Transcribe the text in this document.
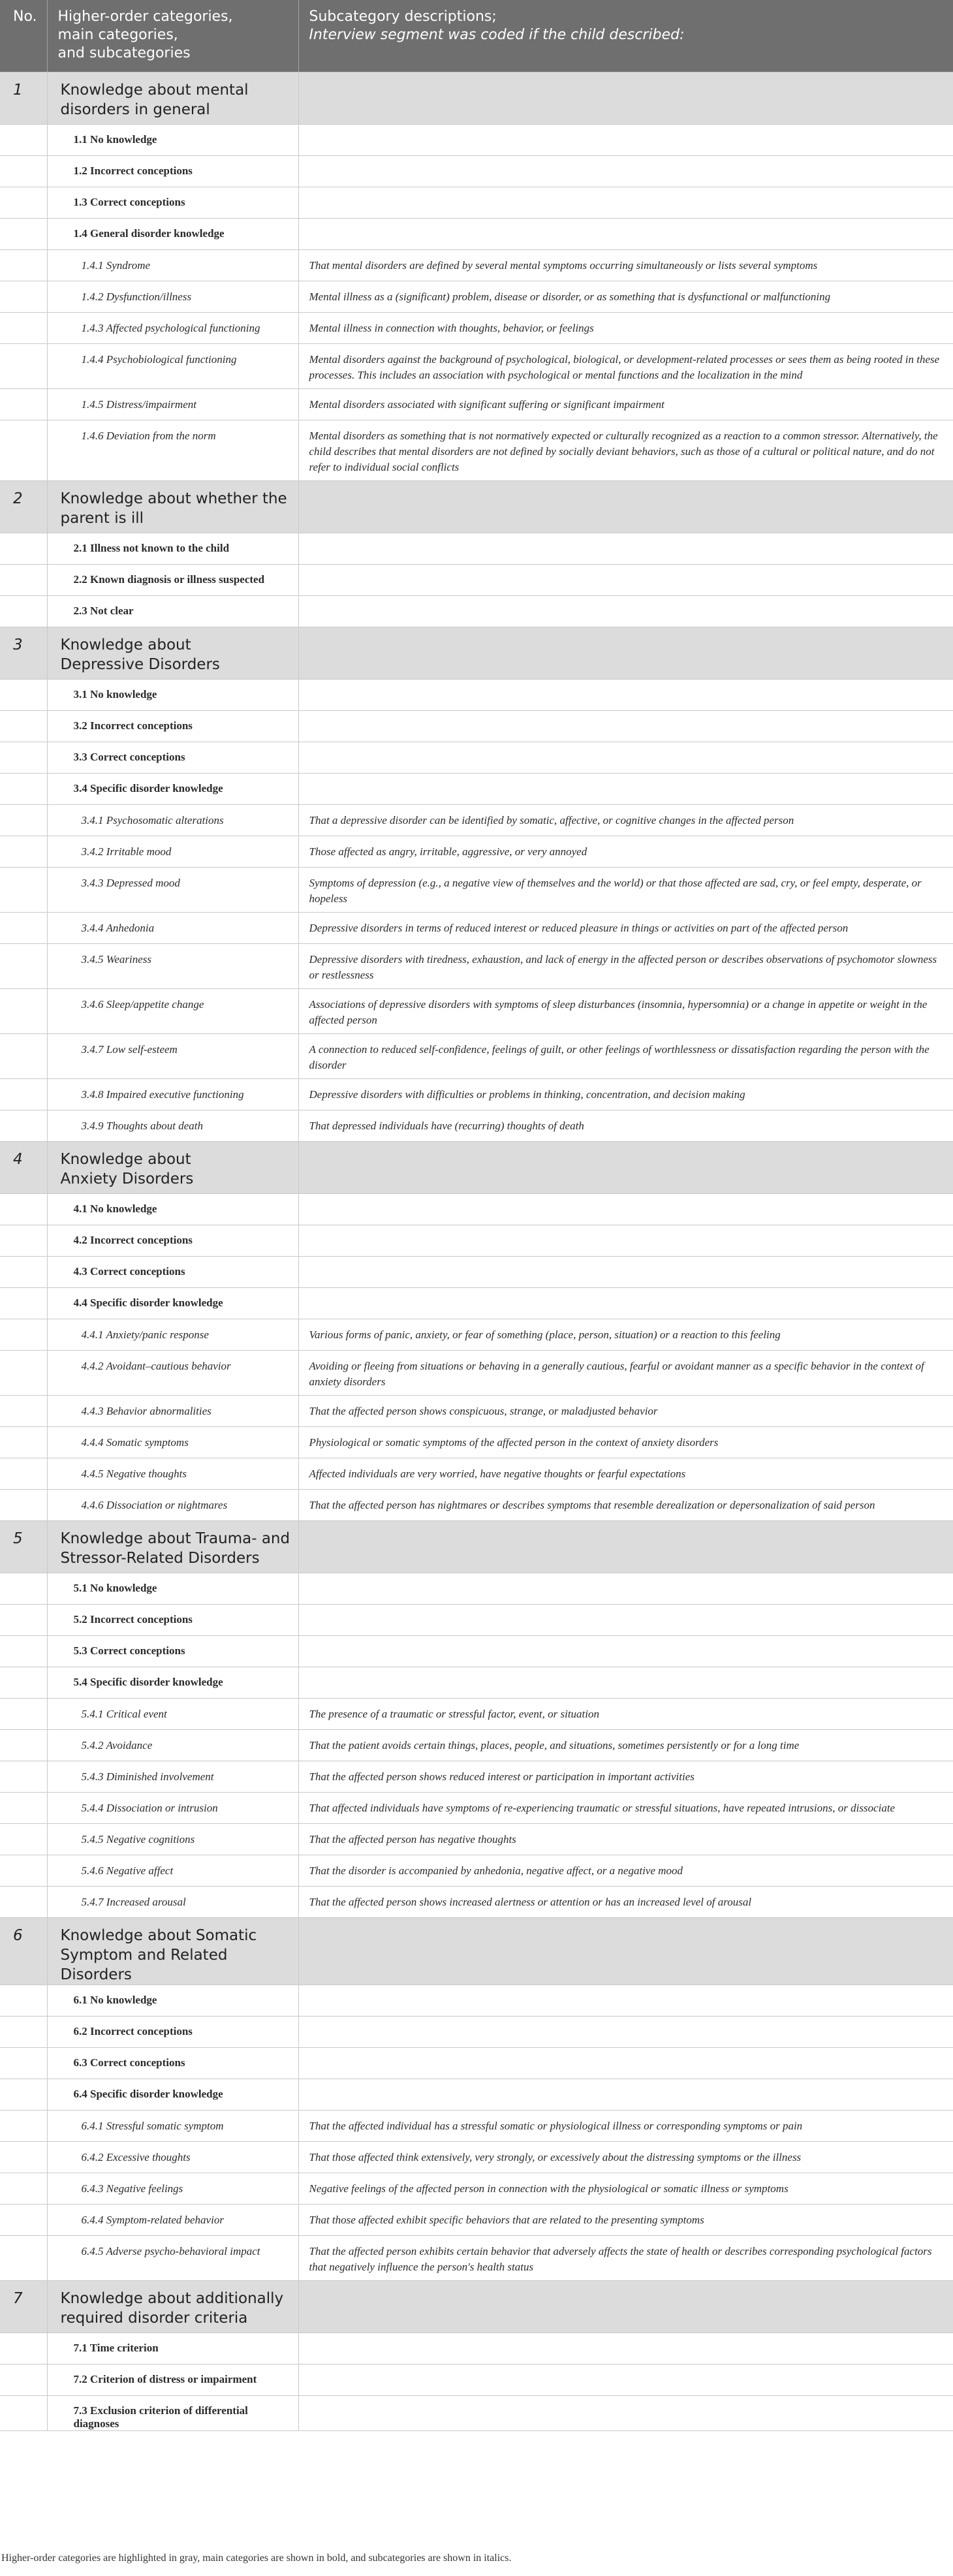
No.	Higher-order categories,
main categories,
and subcategories	Subcategory descriptions;
Interview segment was coded if the child described:

1	Knowledge about mental
disorders in general	

	1.1 No knowledge	
	1.2 Incorrect conceptions	
	1.3 Correct conceptions	
	1.4 General disorder knowledge	
	1.4.1 Syndrome	That mental disorders are defined by several mental symptoms occurring simultaneously or lists several symptoms
	1.4.2 Dysfunction/illness	Mental illness as a (significant) problem, disease or disorder, or as something that is dysfunctional or malfunctioning
	1.4.3 Affected psychological functioning	Mental illness in connection with thoughts, behavior, or feelings
	1.4.4 Psychobiological functioning	Mental disorders against the background of psychological, biological, or development-related processes or sees them as being rooted in these processes. This includes an association with psychological or mental functions and the localization in the mind
	1.4.5 Distress/impairment	Mental disorders associated with significant suffering or significant impairment
	1.4.6 Deviation from the norm	Mental disorders as something that is not normatively expected or culturally recognized as a reaction to a common stressor. Alternatively, the child describes that mental disorders are not defined by socially deviant behaviors, such as those of a cultural or political nature, and do not refer to individual social conflicts
2	Knowledge about whether the
parent is ill	

	2.1 Illness not known to the child	
	2.2 Known diagnosis or illness suspected	
	2.3 Not clear	
3	Knowledge about
Depressive Disorders	

	3.1 No knowledge	
	3.2 Incorrect conceptions	
	3.3 Correct conceptions	
	3.4 Specific disorder knowledge	
	3.4.1 Psychosomatic alterations	That a depressive disorder can be identified by somatic, affective, or cognitive changes in the affected person
	3.4.2 Irritable mood	Those affected as angry, irritable, aggressive, or very annoyed
	3.4.3 Depressed mood	Symptoms of depression (e.g., a negative view of themselves and the world) or that those affected are sad, cry, or feel empty, desperate, or hopeless
	3.4.4 Anhedonia	Depressive disorders in terms of reduced interest or reduced pleasure in things or activities on part of the affected person
	3.4.5 Weariness	Depressive disorders with tiredness, exhaustion, and lack of energy in the affected person or describes observations of psychomotor slowness or restlessness
	3.4.6 Sleep/appetite change	Associations of depressive disorders with symptoms of sleep disturbances (insomnia, hypersomnia) or a change in appetite or weight in the affected person
	3.4.7 Low self-esteem	A connection to reduced self-confidence, feelings of guilt, or other feelings of worthlessness or dissatisfaction regarding the person with the disorder
	3.4.8 Impaired executive functioning	Depressive disorders with difficulties or problems in thinking, concentration, and decision making
	3.4.9 Thoughts about death	That depressed individuals have (recurring) thoughts of death
4	Knowledge about
Anxiety Disorders	

	4.1 No knowledge	
	4.2 Incorrect conceptions	
	4.3 Correct conceptions	
	4.4 Specific disorder knowledge	
	4.4.1 Anxiety/panic response	Various forms of panic, anxiety, or fear of something (place, person, situation) or a reaction to this feeling
	4.4.2 Avoidant–cautious behavior	Avoiding or fleeing from situations or behaving in a generally cautious, fearful or avoidant manner as a specific behavior in the context of anxiety disorders
	4.4.3 Behavior abnormalities	That the affected person shows conspicuous, strange, or maladjusted behavior
	4.4.4 Somatic symptoms	Physiological or somatic symptoms of the affected person in the context of anxiety disorders
	4.4.5 Negative thoughts	Affected individuals are very worried, have negative thoughts or fearful expectations
	4.4.6 Dissociation or nightmares	That the affected person has nightmares or describes symptoms that resemble derealization or depersonalization of said person
5	Knowledge about Trauma- and
Stressor-Related Disorders	

	5.1 No knowledge	
	5.2 Incorrect conceptions	
	5.3 Correct conceptions	
	5.4 Specific disorder knowledge	
	5.4.1 Critical event	The presence of a traumatic or stressful factor, event, or situation
	5.4.2 Avoidance	That the patient avoids certain things, places, people, and situations, sometimes persistently or for a long time
	5.4.3 Diminished involvement	That the affected person shows reduced interest or participation in important activities
	5.4.4 Dissociation or intrusion	That affected individuals have symptoms of re-experiencing traumatic or stressful situations, have repeated intrusions, or dissociate
	5.4.5 Negative cognitions	That the affected person has negative thoughts
	5.4.6 Negative affect	That the disorder is accompanied by anhedonia, negative affect, or a negative mood
	5.4.7 Increased arousal	That the affected person shows increased alertness or attention or has an increased level of arousal
6	Knowledge about Somatic
Symptom and Related Disorders	

	6.1 No knowledge	
	6.2 Incorrect conceptions	
	6.3 Correct conceptions	
	6.4 Specific disorder knowledge	
	6.4.1 Stressful somatic symptom	That the affected individual has a stressful somatic or physiological illness or corresponding symptoms or pain
	6.4.2 Excessive thoughts	That those affected think extensively, very strongly, or excessively about the distressing symptoms or the illness
	6.4.3 Negative feelings	Negative feelings of the affected person in connection with the physiological or somatic illness or symptoms
	6.4.4 Symptom-related behavior	That those affected exhibit specific behaviors that are related to the presenting symptoms
	6.4.5 Adverse psycho-behavioral impact	That the affected person exhibits certain behavior that adversely affects the state of health or describes corresponding psychological factors that negatively influence the person's health status
7	Knowledge about additionally
required disorder criteria	

	7.1 Time criterion	
	7.2 Criterion of distress or impairment	
	7.3 Exclusion criterion of differential diagnoses	
Higher-order categories are highlighted in gray, main categories are shown in bold, and subcategories are shown in italics.
